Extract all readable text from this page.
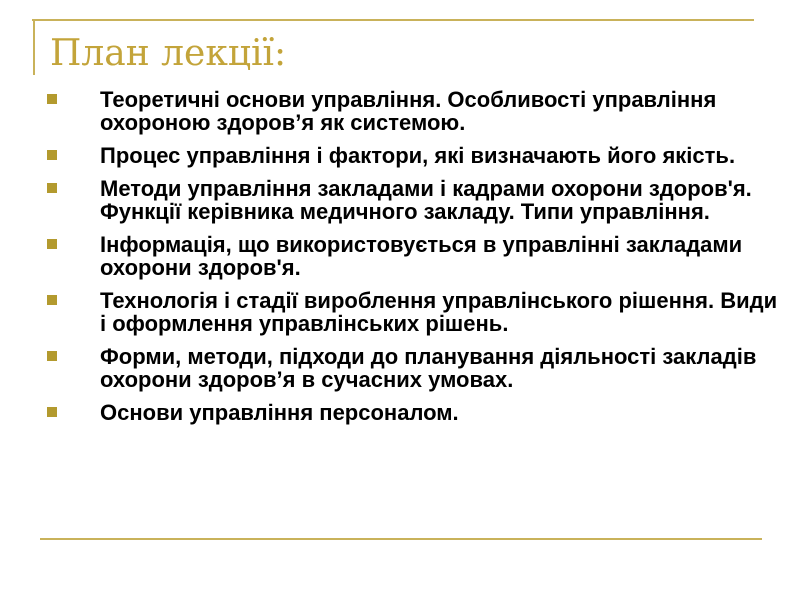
План лекції:
Теоретичні основи управління. Особливості управління охороною здоров’я як системою.
Процес управління і фактори, які визначають його якість.
Методи управління закладами і кадрами охорони здоров'я. Функції керівника медичного закладу. Типи управління.
Інформація, що використовується в управлінні закладами охорони здоров'я.
Технологія і стадії вироблення управлінського рішення. Види і оформлення управлінських рішень.
Форми, методи, підходи до планування діяльності закладів охорони здоров’я в сучасних умовах.
Основи управління персоналом.
